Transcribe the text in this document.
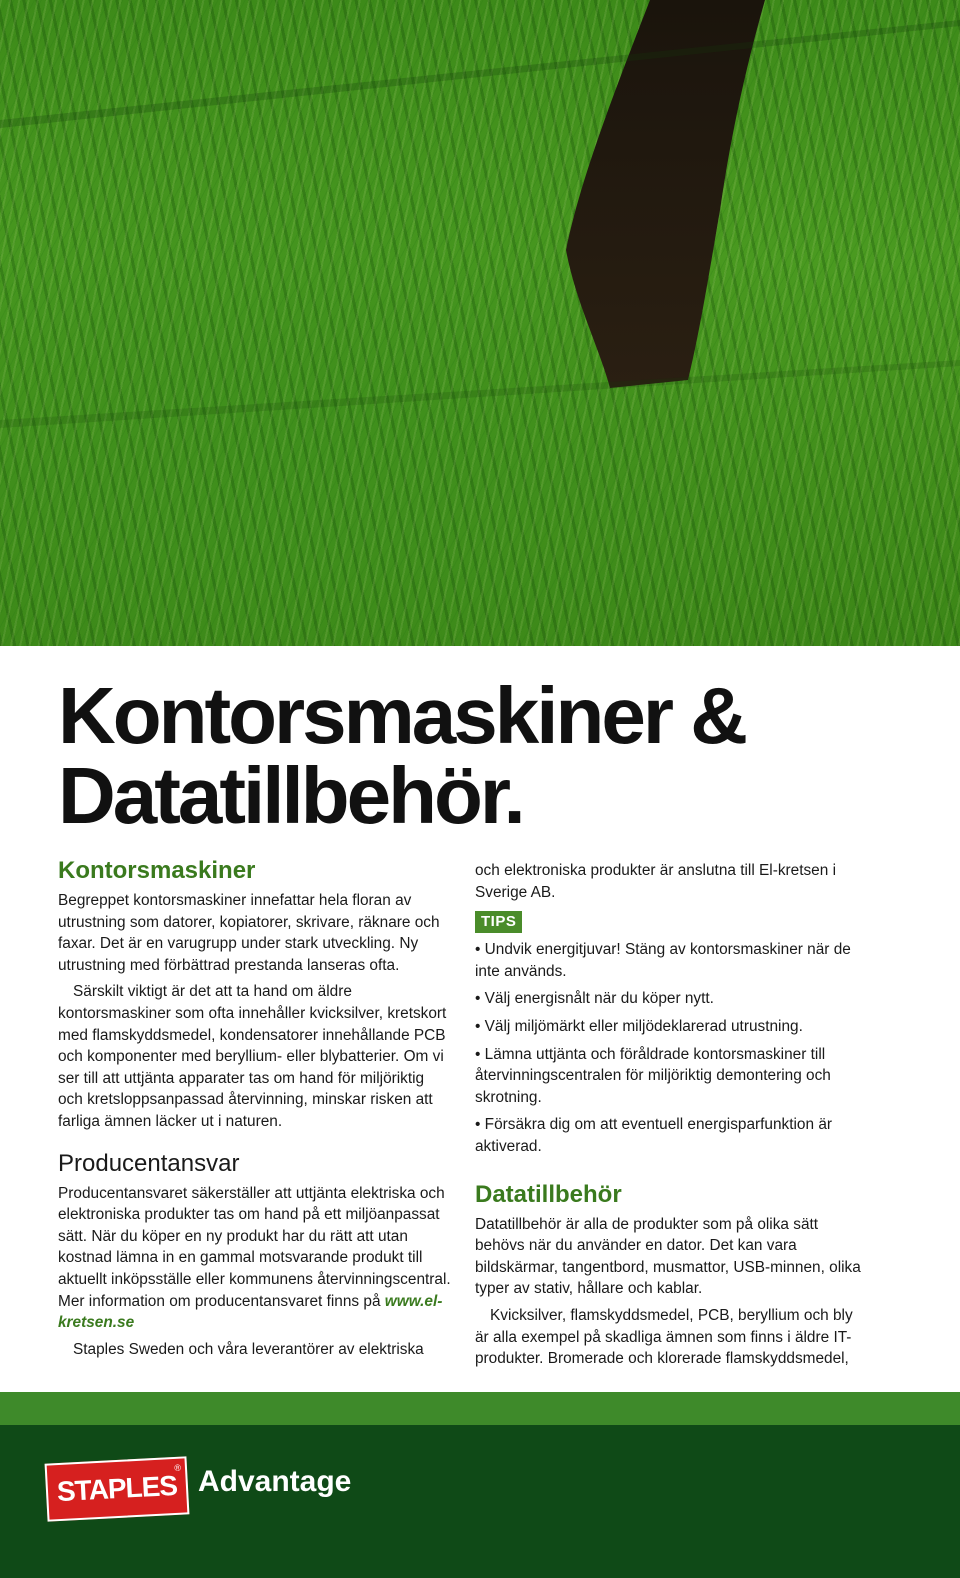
Kontorsmaskiner &
Datatillbehör.
Kontorsmaskiner

Begreppet kontorsmaskiner innefattar hela floran av utrustning som datorer, kopiatorer, skrivare, räknare och faxar. Det är en varugrupp under stark utveckling. Ny utrustning med förbättrad prestanda lanseras ofta.

Särskilt viktigt är det att ta hand om äldre kontorsmaskiner som ofta innehåller kvicksilver, kretskort med flamskyddsmedel, kondensatorer innehållande PCB och komponenter med beryllium- eller blybatterier. Om vi ser till att uttjänta apparater tas om hand för miljöriktig och kretsloppsanpassad återvinning, minskar risken att farliga ämnen läcker ut i naturen.

Producentansvar

Producentansvaret säkerställer att uttjänta elektriska och elektroniska produkter tas om hand på ett miljöanpassat sätt. När du köper en ny produkt har du rätt att utan kostnad lämna in en gammal motsvarande produkt till aktuellt inköpsställe eller kommunens återvinningscentral. Mer information om producentansvaret finns på www.el-kretsen.se

Staples Sweden och våra leverantörer av elektriska

och elektroniska produkter är anslutna till El-kretsen i Sverige AB.

TIPS
• Undvik energitjuvar! Stäng av kontorsmaskiner när de inte används.
• Välj energisnålt när du köper nytt.
• Välj miljömärkt eller miljödeklarerad utrustning.
• Lämna uttjänta och föråldrade kontorsmaskiner till återvinningscentralen för miljöriktig demontering och skrotning.
• Försäkra dig om att eventuell energisparfunktion är aktiverad.
Datatillbehör

Datatillbehör är alla de produkter som på olika sätt behövs när du använder en dator. Det kan vara bildskärmar, tangentbord, musmattor, USB-minnen, olika typer av stativ, hållare och kablar.

Kvicksilver, flamskyddsmedel, PCB, beryllium och bly är alla exempel på skadliga ämnen som finns i äldre IT-produkter. Bromerade och klorerade flamskyddsmedel,

STAPLES
® Advantage
